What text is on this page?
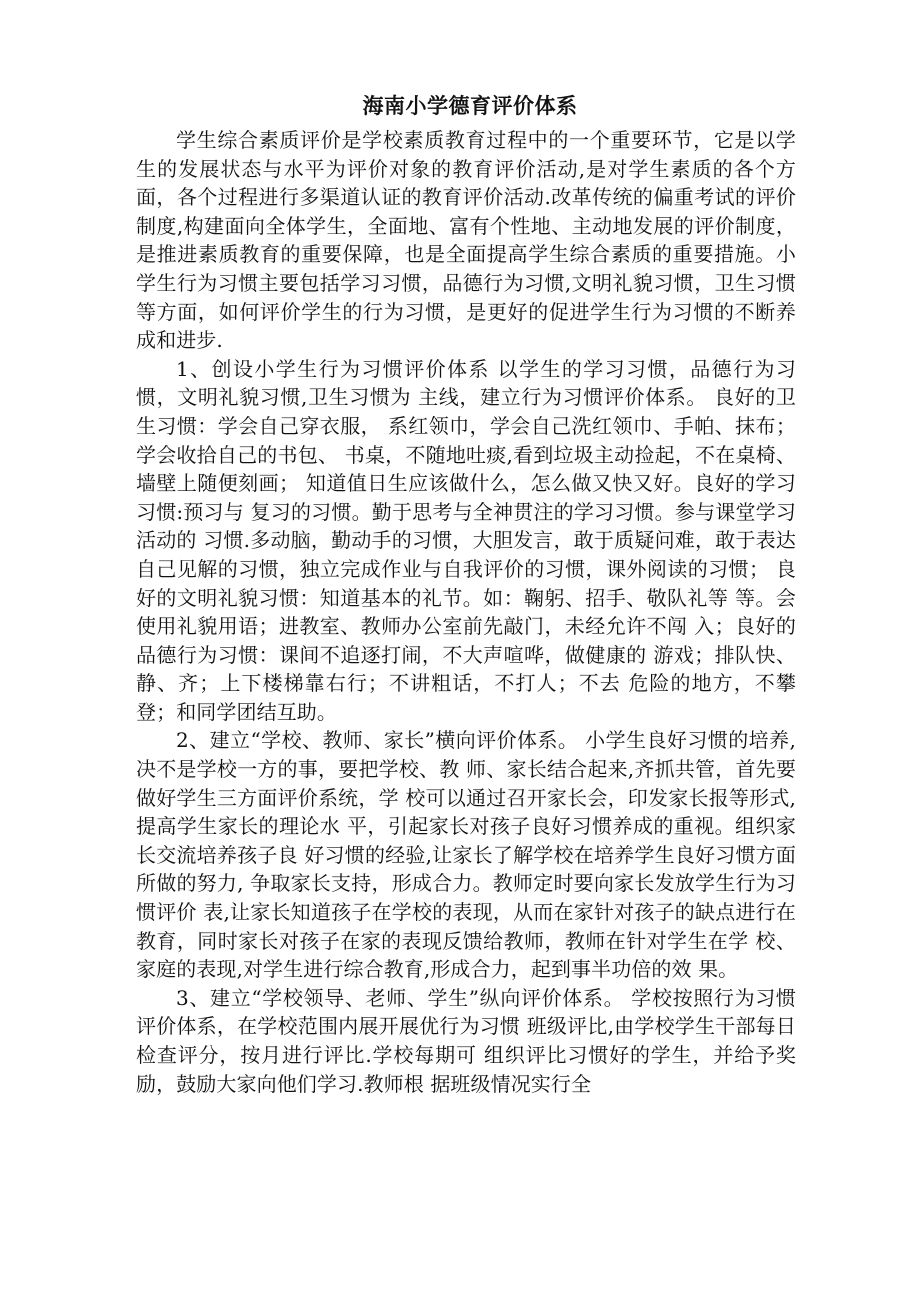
海南小学德育评价体系

学生综合素质评价是学校素质教育过程中的一个重要环节，它是以学生的发展状态与水平为评价对象的教育评价活动,是对学生素质的各个方面，各个过程进行多渠道认证的教育评价活动.改革传统的偏重考试的评价制度,构建面向全体学生，全面地、富有个性地、主动地发展的评价制度，是推进素质教育的重要保障，也是全面提高学生综合素质的重要措施。小学生行为习惯主要包括学习习惯，品德行为习惯,文明礼貌习惯，卫生习惯等方面，如何评价学生的行为习惯，是更好的促进学生行为习惯的不断养成和进步.

1、创设小学生行为习惯评价体系 以学生的学习习惯，品德行为习惯，文明礼貌习惯,卫生习惯为 主线，建立行为习惯评价体系。 良好的卫生习惯：学会自己穿衣服， 系红领巾，学会自己洗红领巾、手帕、抹布；学会收拾自己的书包、 书桌，不随地吐痰,看到垃圾主动捡起，不在桌椅、墙壁上随便刻画； 知道值日生应该做什么，怎么做又快又好。良好的学习习惯:预习与 复习的习惯。勤于思考与全神贯注的学习习惯。参与课堂学习活动的 习惯.多动脑，勤动手的习惯，大胆发言，敢于质疑问难，敢于表达 自己见解的习惯，独立完成作业与自我评价的习惯，课外阅读的习惯； 良好的文明礼貌习惯：知道基本的礼节。如：鞠躬、招手、敬队礼等 等。会使用礼貌用语；进教室、教师办公室前先敲门，未经允许不闯 入；良好的品德行为习惯：课间不追逐打闹，不大声喧哗，做健康的 游戏；排队快、静、齐；上下楼梯靠右行；不讲粗话，不打人；不去 危险的地方，不攀登；和同学团结互助。

2、建立“学校、教师、家长”横向评价体系。 小学生良好习惯的培养,决不是学校一方的事，要把学校、教 师、家长结合起来,齐抓共管，首先要做好学生三方面评价系统，学 校可以通过召开家长会，印发家长报等形式,提高学生家长的理论水 平，引起家长对孩子良好习惯养成的重视。组织家长交流培养孩子良 好习惯的经验,让家长了解学校在培养学生良好习惯方面所做的努力, 争取家长支持，形成合力。教师定时要向家长发放学生行为习惯评价 表,让家长知道孩子在学校的表现，从而在家针对孩子的缺点进行在 教育，同时家长对孩子在家的表现反馈给教师，教师在针对学生在学 校、家庭的表现,对学生进行综合教育,形成合力，起到事半功倍的效 果。

3、建立“学校领导、老师、学生”纵向评价体系。 学校按照行为习惯评价体系，在学校范围内展开展优行为习惯 班级评比,由学校学生干部每日检查评分，按月进行评比.学校每期可 组织评比习惯好的学生，并给予奖励，鼓励大家向他们学习.教师根 据班级情况实行全
